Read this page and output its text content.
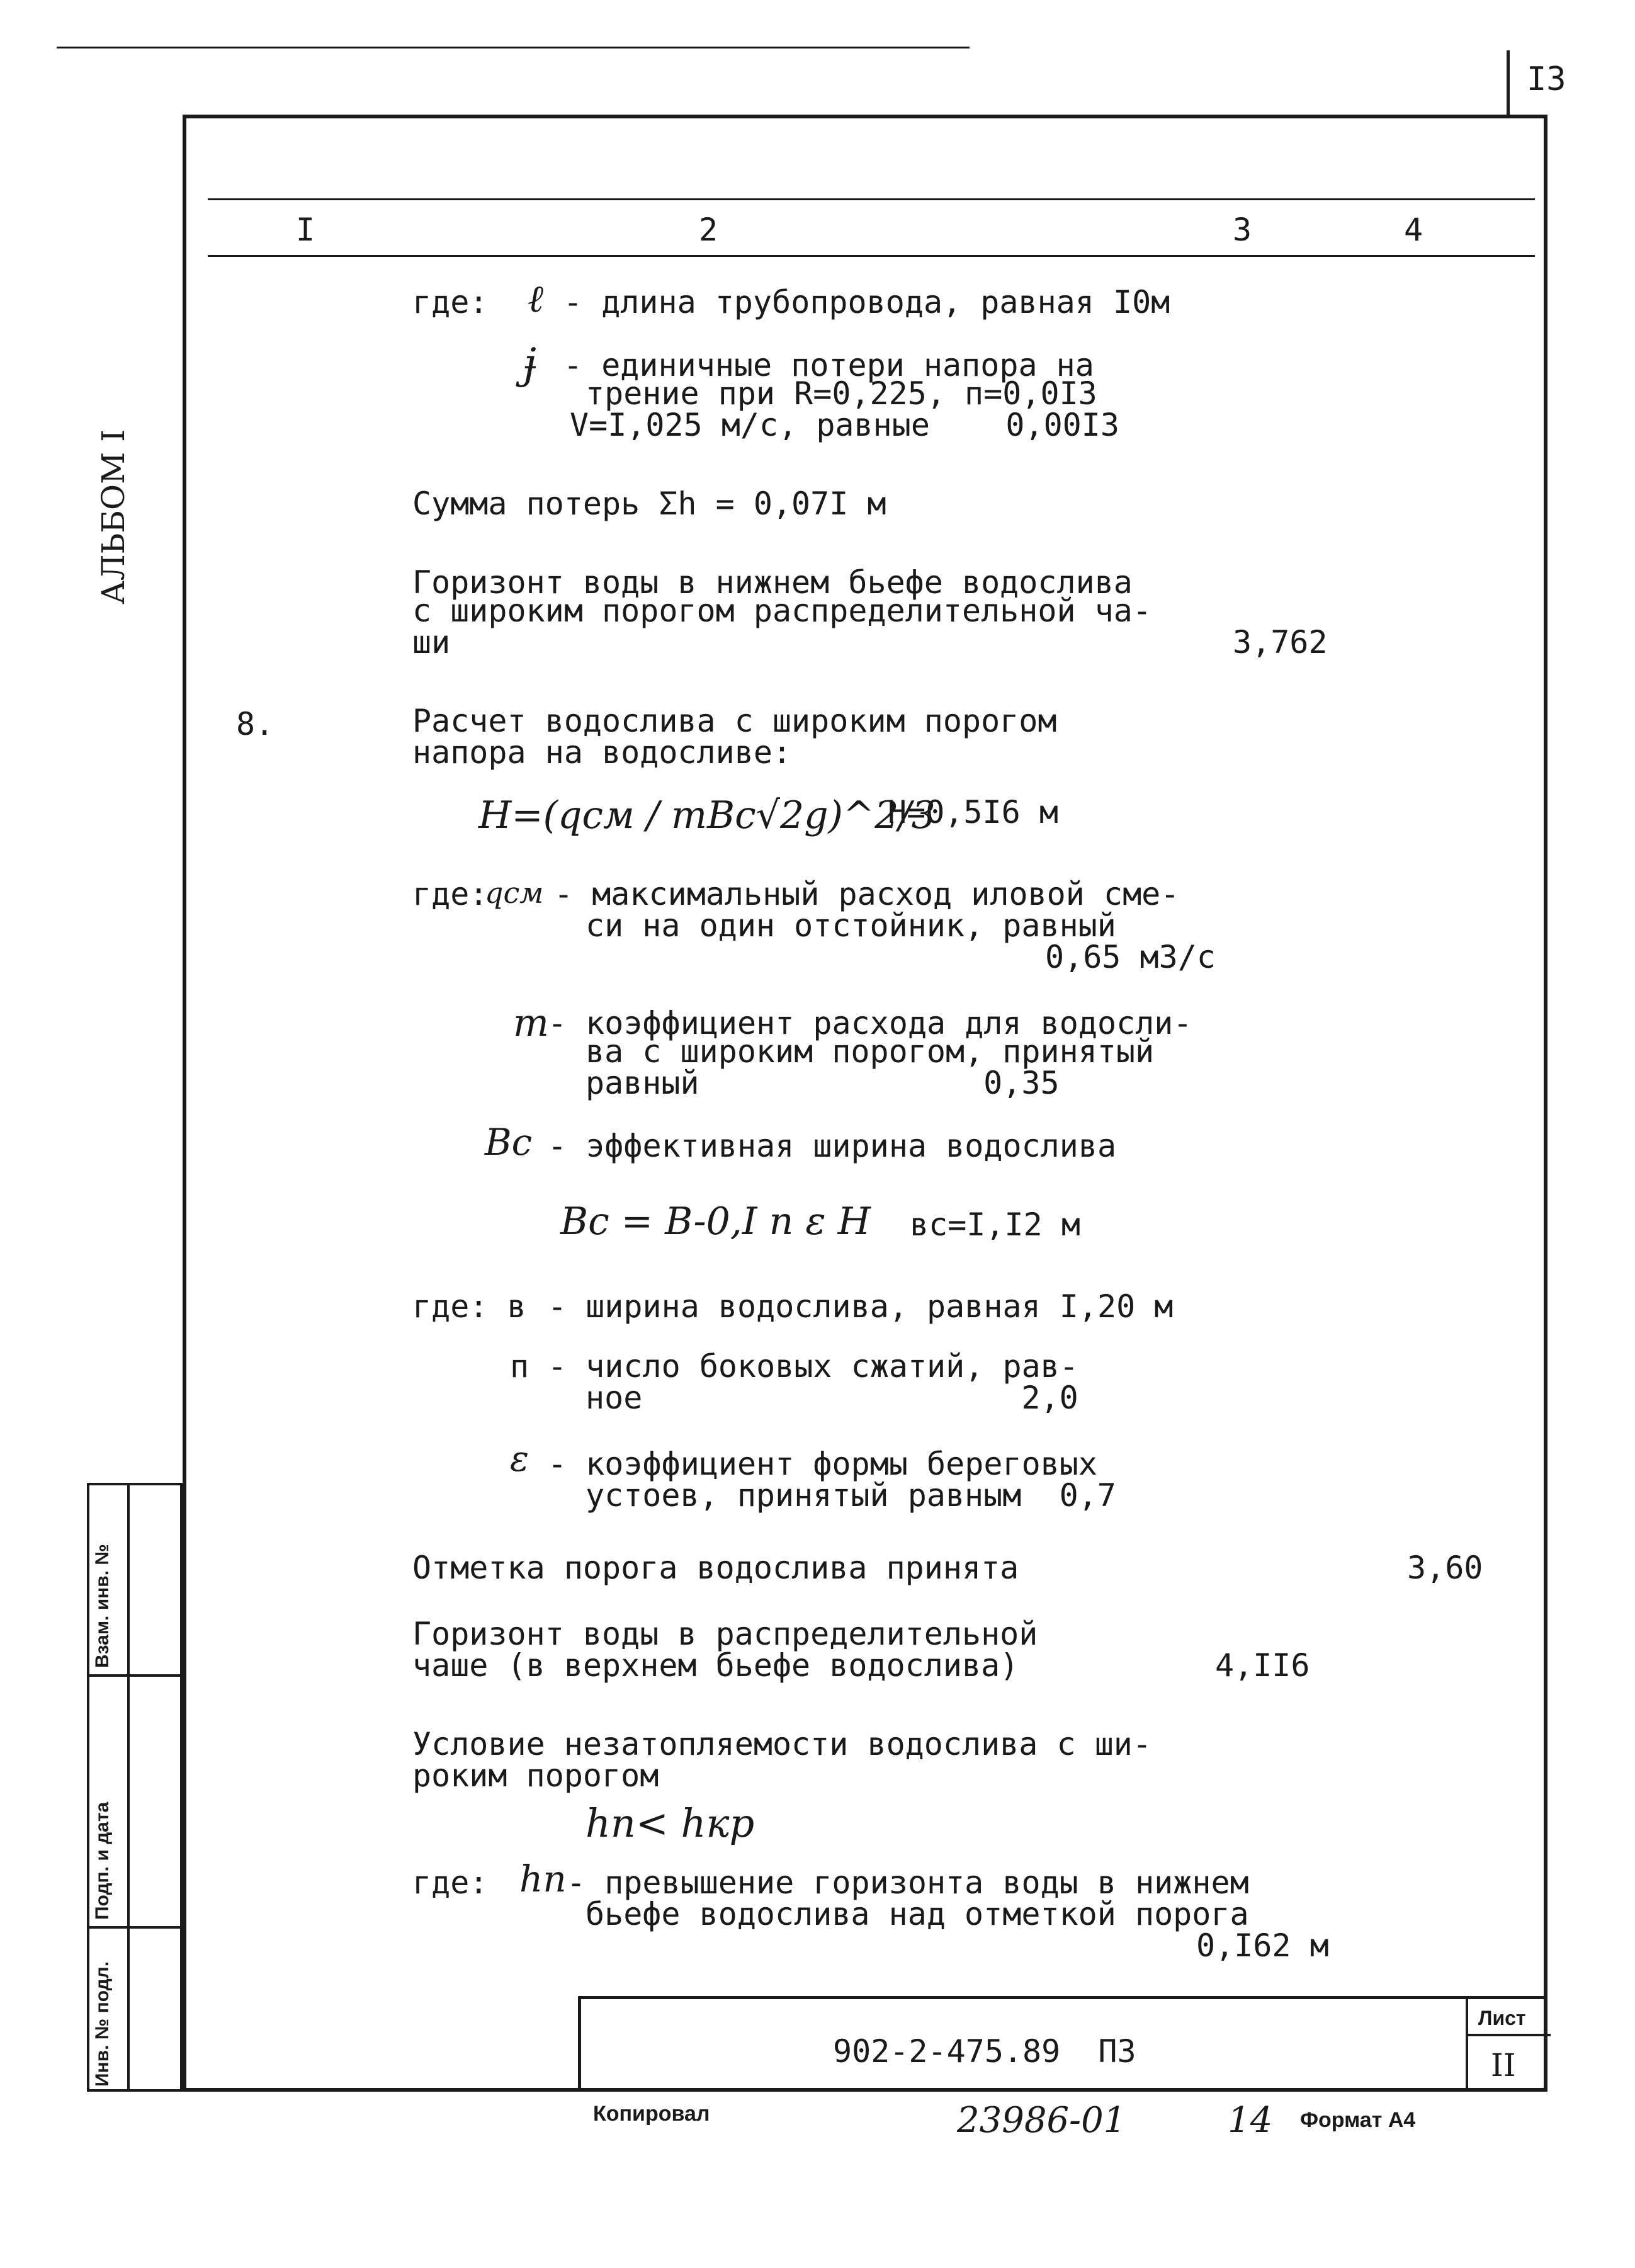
I3
АЛЬБОМ I
Взам. инв. №
Подп. и дата
Инв. № подл.
I	2	3	4
где: ℓ - длина трубопровода, равная I0м
ɉ - единичные потери напора на
трение при R=0,225, п=0,0I3
V=I,025 м/с, равные    0,00I3
Сумма потерь Σh = 0,07I м
Горизонт воды в нижнем бьефе водослива
с широким порогом распределительной ча-
ши	3,762
8.	Расчет водослива с широким порогом
напора на водосливе:
H=(qсм / mBc√2g)^2/3
H=0,5I6 м
где:
qсм - максимальный расход иловой сме-
си на один отстойник, равный
0,65 м3/с
m
- коэффициент расхода для водосли-
ва с широким порогом, принятый
равный               0,35
Bc - эффективная ширина водослива
Bc = B-0,I n ε H вc=I,I2 м
где: в - ширина водослива, равная I,20 м
п - число боковых сжатий, рав-
ное                    2,0
ε - коэффициент формы береговых
устоев, принятый равным  0,7
Отметка порога водослива принята	3,60
Горизонт воды в распределительной
чаше (в верхнем бьефе водослива)	4,II6
Условие незатопляемости водослива с ши-
роким порогом
hn< hкр
где: hn - превышение горизонта воды в нижнем
бьефе водослива над отметкой порога
0,I62 м
902-2-475.89  ПЗ
Лист
II
Копировал	23986-01	14 Формат А4
